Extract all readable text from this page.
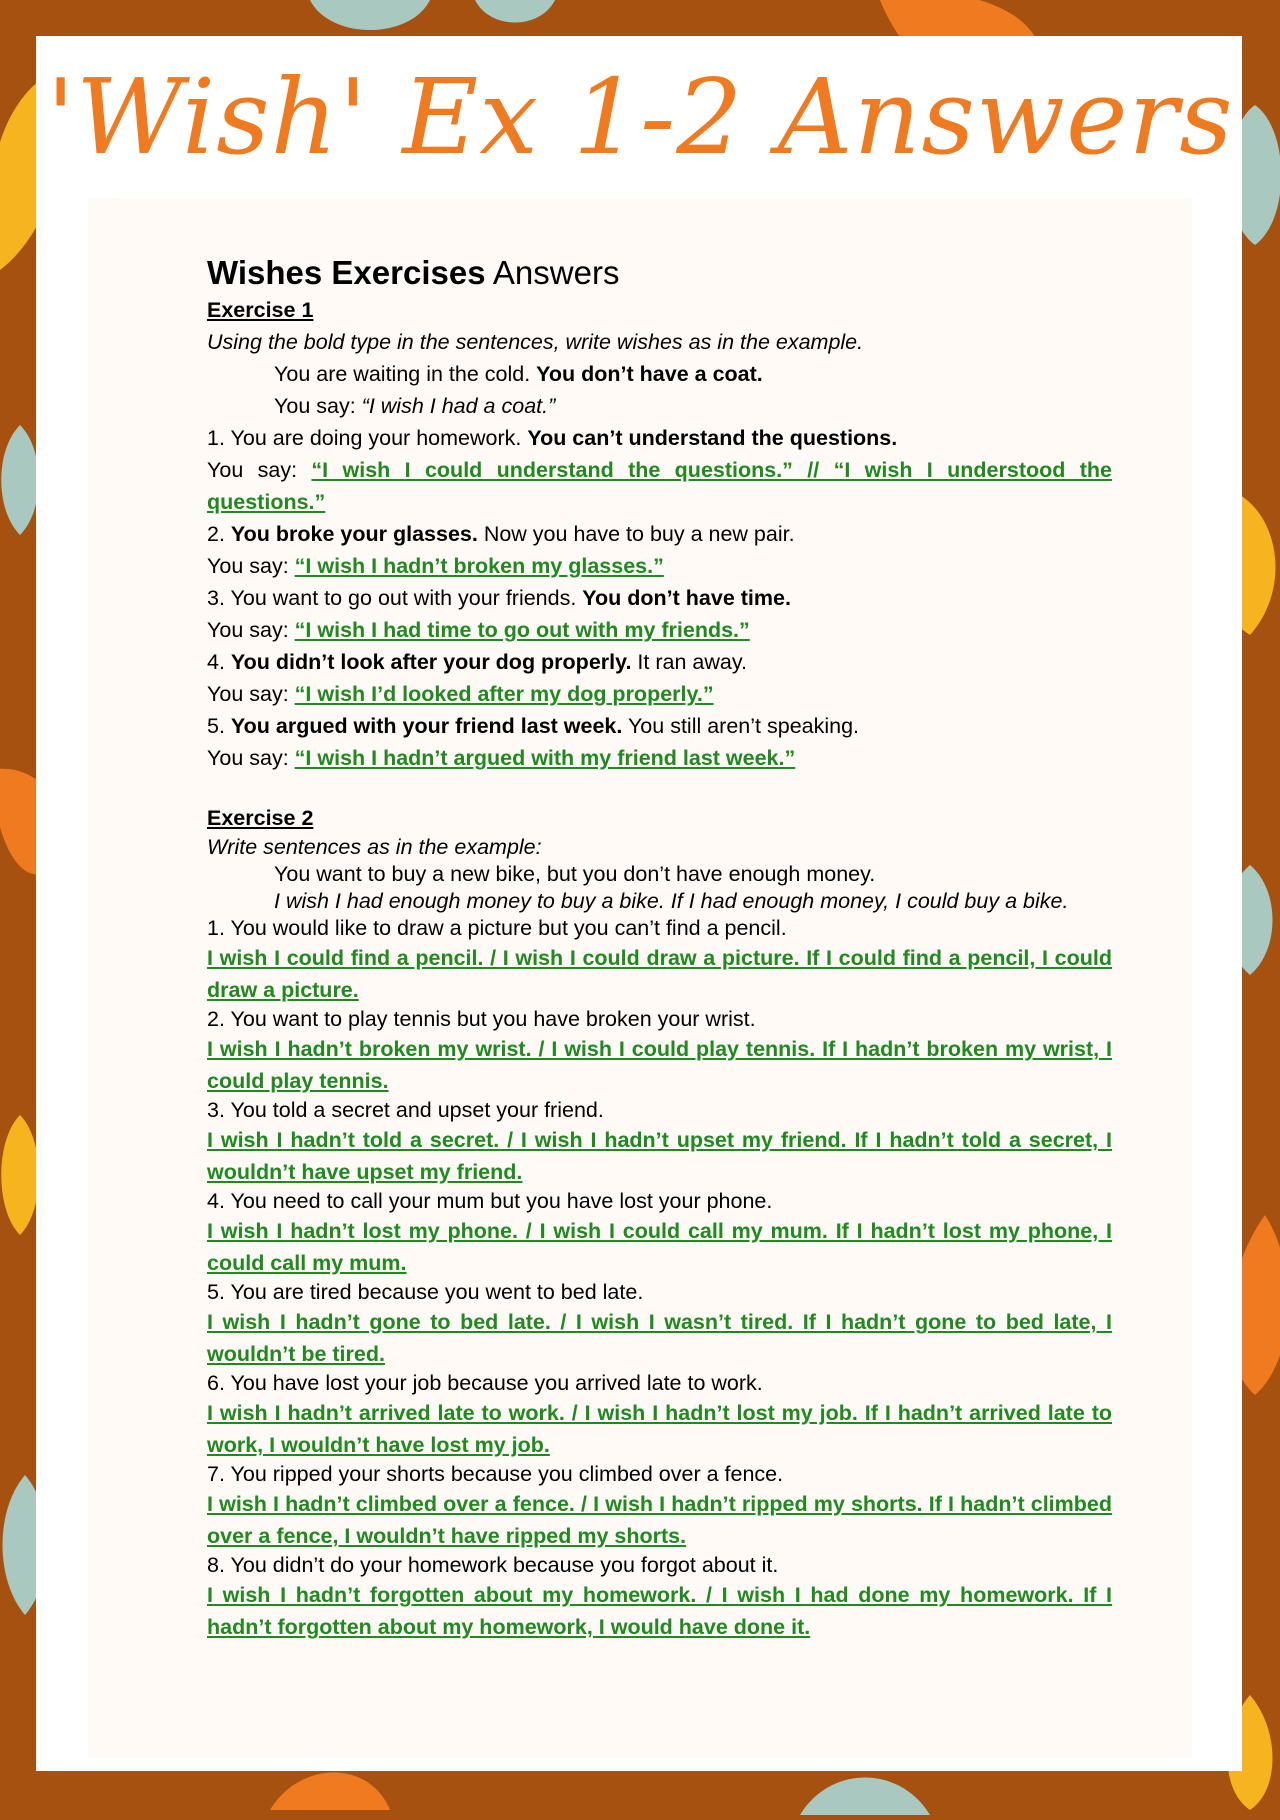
'Wish' Ex 1-2 Answers

Wishes Exercises Answers

Exercise 1

Using the bold type in the sentences, write wishes as in the example.

You are waiting in the cold. You don’t have a coat.

You say: “I wish I had a coat.”

1. You are doing your homework. You can’t understand the questions.

You say: “I wish I could understand the questions.” // “I wish I understood the questions.”

2. You broke your glasses. Now you have to buy a new pair.

You say: “I wish I hadn’t broken my glasses.”

3. You want to go out with your friends. You don’t have time.

You say: “I wish I had time to go out with my friends.”

4. You didn’t look after your dog properly. It ran away.

You say: “I wish I’d looked after my dog properly.”

5. You argued with your friend last week. You still aren’t speaking.

You say: “I wish I hadn’t argued with my friend last week.”

Exercise 2

Write sentences as in the example:

You want to buy a new bike, but you don’t have enough money.

I wish I had enough money to buy a bike. If I had enough money, I could buy a bike.

1. You would like to draw a picture but you can’t find a pencil.

I wish I could find a pencil. / I wish I could draw a picture. If I could find a pencil, I could draw a picture.

2. You want to play tennis but you have broken your wrist.

I wish I hadn’t broken my wrist. / I wish I could play tennis. If I hadn’t broken my wrist, I could play tennis.

3. You told a secret and upset your friend.

I wish I hadn’t told a secret. / I wish I hadn’t upset my friend. If I hadn’t told a secret, I wouldn’t have upset my friend.

4. You need to call your mum but you have lost your phone.

I wish I hadn’t lost my phone. / I wish I could call my mum. If I hadn’t lost my phone, I could call my mum.

5. You are tired because you went to bed late.

I wish I hadn’t gone to bed late. / I wish I wasn’t tired. If I hadn’t gone to bed late, I wouldn’t be tired.

6. You have lost your job because you arrived late to work.

I wish I hadn’t arrived late to work. / I wish I hadn’t lost my job. If I hadn’t arrived late to work, I wouldn’t have lost my job.

7. You ripped your shorts because you climbed over a fence.

I wish I hadn’t climbed over a fence. / I wish I hadn’t ripped my shorts. If I hadn’t climbed over a fence, I wouldn’t have ripped my shorts.

8. You didn’t do your homework because you forgot about it.

I wish I hadn’t forgotten about my homework. / I wish I had done my homework. If I hadn’t forgotten about my homework, I would have done it.
